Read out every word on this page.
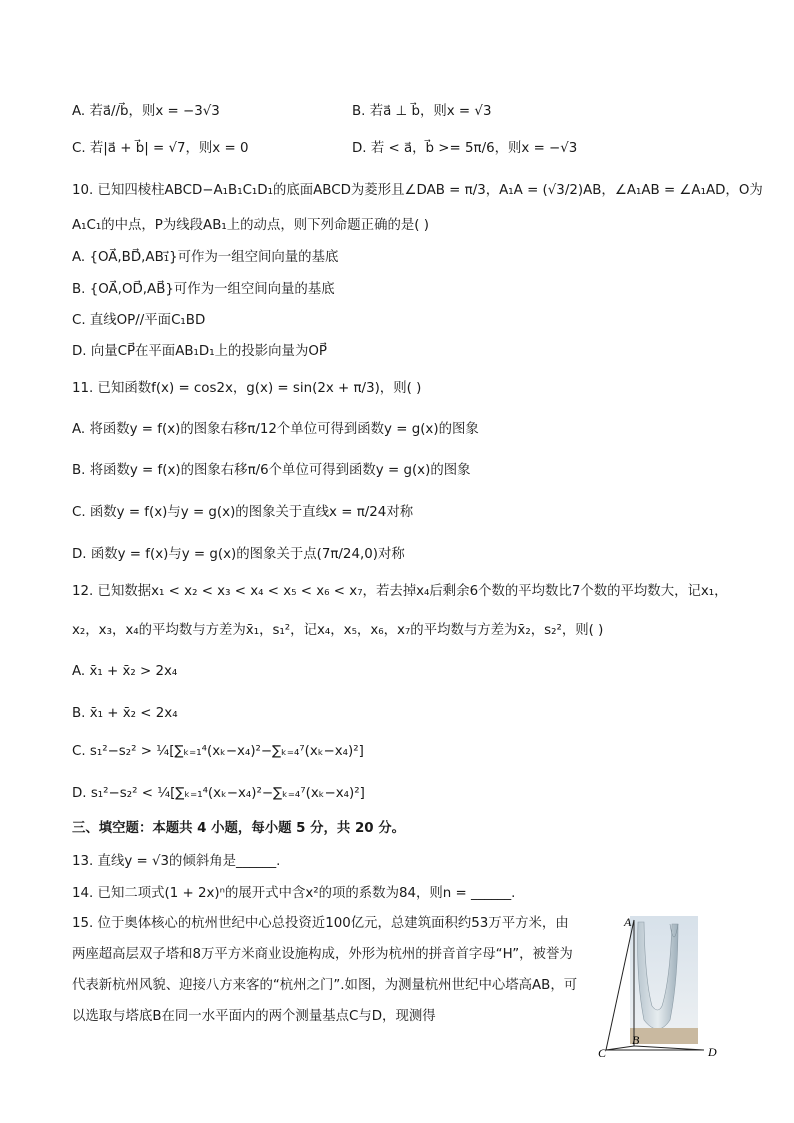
A. 若a⃗//b⃗，则x = −3√3	B. 若a⃗ ⊥ b⃗，则x = √3
C. 若|a⃗ + b⃗| = √7，则x = 0	D. 若 < a⃗，b⃗ >= 5π/6，则x = −√3
10. 已知四棱柱ABCD−A₁B₁C₁D₁的底面ABCD为菱形且∠DAB = π/3，A₁A = (√3/2)AB，∠A₁AB = ∠A₁AD，O为
A₁C₁的中点，P为线段AB₁上的动点，则下列命题正确的是( )
A. {OA⃗,BD⃗,AB₁⃗}可作为一组空间向量的基底
B. {OA⃗,OD⃗,AB⃗}可作为一组空间向量的基底
C. 直线OP//平面C₁BD
D. 向量CP⃗在平面AB₁D₁上的投影向量为OP⃗
11. 已知函数f(x) = cos2x，g(x) = sin(2x + π/3)，则( )
A. 将函数y = f(x)的图象右移π/12个单位可得到函数y = g(x)的图象
B. 将函数y = f(x)的图象右移π/6个单位可得到函数y = g(x)的图象
C. 函数y = f(x)与y = g(x)的图象关于直线x = π/24对称
D. 函数y = f(x)与y = g(x)的图象关于点(7π/24,0)对称
12. 已知数据x₁ < x₂ < x₃ < x₄ < x₅ < x₆ < x₇，若去掉x₄后剩余6个数的平均数比7个数的平均数大，记x₁，
x₂，x₃，x₄的平均数与方差为x̄₁，s₁²，记x₄，x₅，x₆，x₇的平均数与方差为x̄₂，s₂²，则( )
A. x̄₁ + x̄₂ > 2x₄
B. x̄₁ + x̄₂ < 2x₄
C. s₁²−s₂² > ¼[∑ₖ₌₁⁴(xₖ−x₄)²−∑ₖ₌₄⁷(xₖ−x₄)²]
D. s₁²−s₂² < ¼[∑ₖ₌₁⁴(xₖ−x₄)²−∑ₖ₌₄⁷(xₖ−x₄)²]
三、填空题：本题共 4 小题，每小题 5 分，共 20 分。
13. 直线y = √3的倾斜角是______.
14. 已知二项式(1 + 2x)ⁿ的展开式中含x²的项的系数为84，则n = ______.
15. 位于奥体核心的杭州世纪中心总投资近100亿元，总建筑面积约53万平方米，由两座超高层双子塔和8万平方米商业设施构成，外形为杭州的拼音首字母“H”，被誉为代表新杭州风貌、迎接八方来客的“杭州之门”.如图，为测量杭州世纪中心塔高AB，可以选取与塔底B在同一水平面内的两个测量基点C与D，现测得
A
B
C	D
